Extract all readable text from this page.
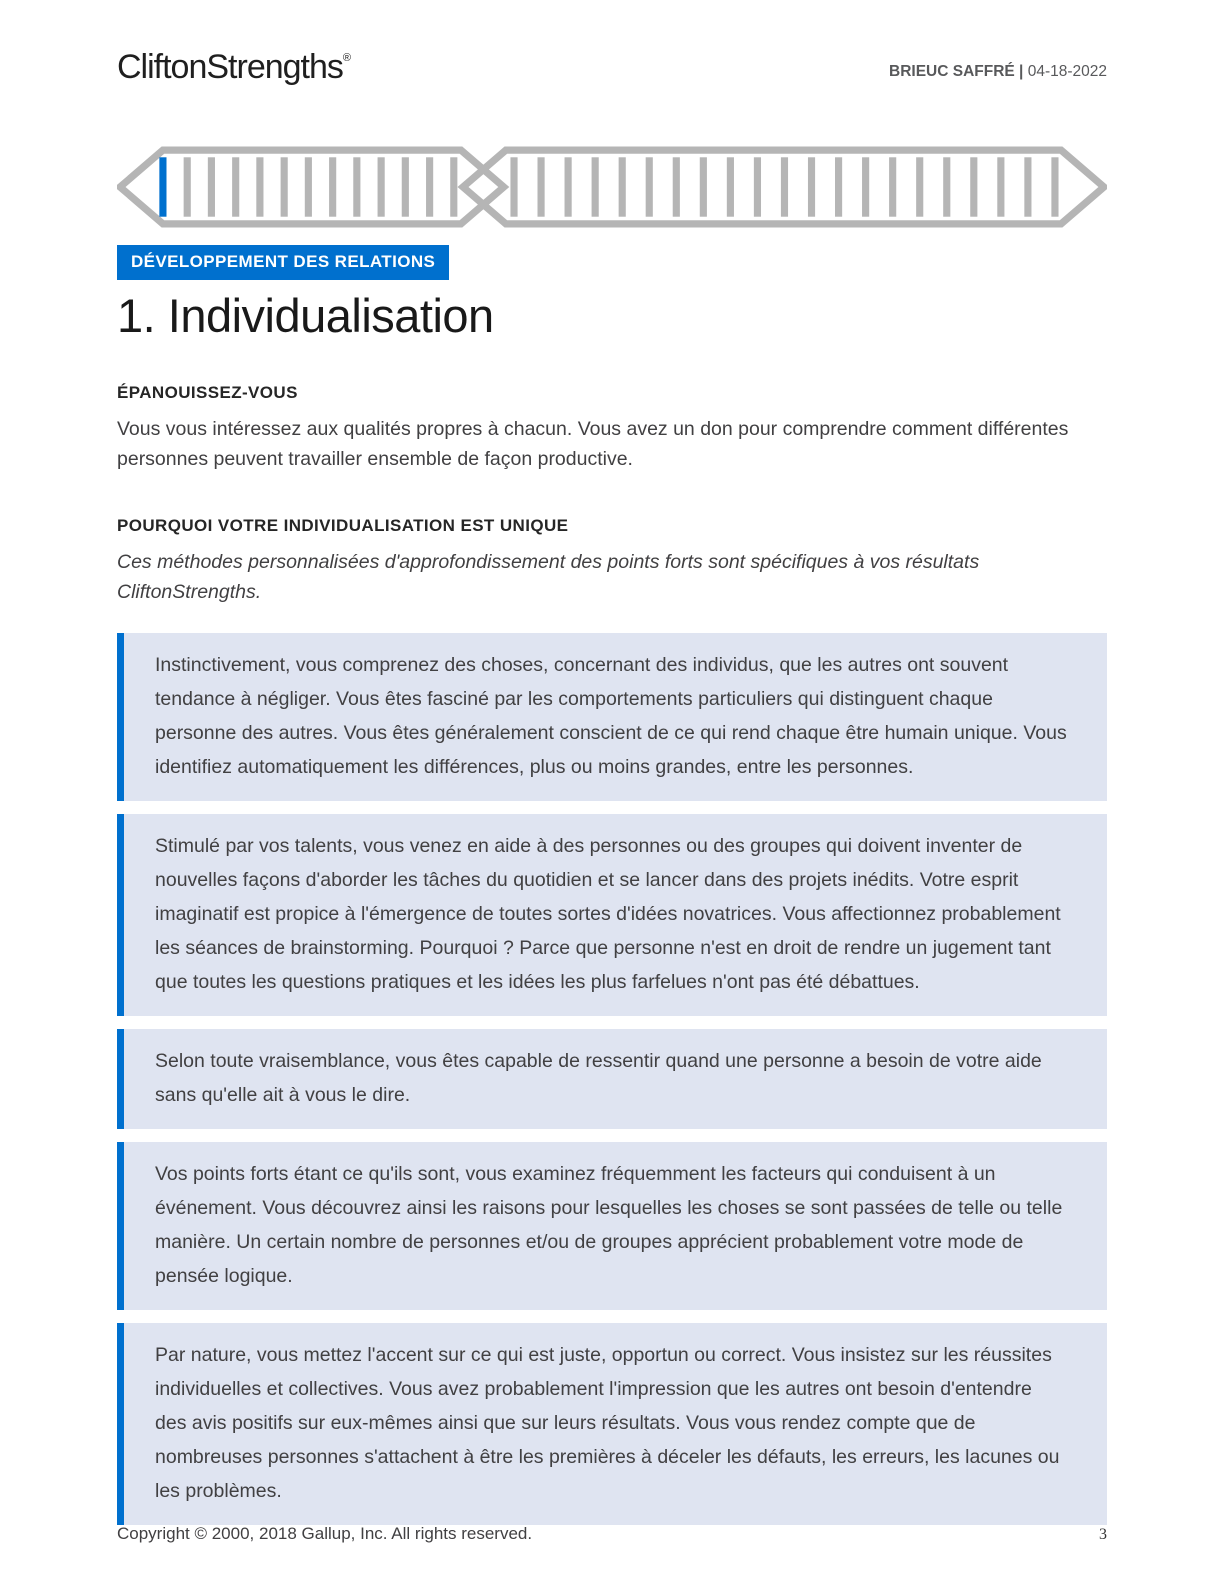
CliftonStrengths®
BRIEUC SAFFRÉ | 04-18-2022
DÉVELOPPEMENT DES RELATIONS
1. Individualisation
ÉPANOUISSEZ-VOUS

Vous vous intéressez aux qualités propres à chacun. Vous avez un don pour comprendre comment différentes personnes peuvent travailler ensemble de façon productive.

POURQUOI VOTRE INDIVIDUALISATION EST UNIQUE

Ces méthodes personnalisées d'approfondissement des points forts sont spécifiques à vos résultats CliftonStrengths.

Instinctivement, vous comprenez des choses, concernant des individus, que les autres ont souvent tendance à négliger. Vous êtes fasciné par les comportements particuliers qui distinguent chaque personne des autres. Vous êtes généralement conscient de ce qui rend chaque être humain unique. Vous identifiez automatiquement les différences, plus ou moins grandes, entre les personnes.
Stimulé par vos talents, vous venez en aide à des personnes ou des groupes qui doivent inventer de nouvelles façons d'aborder les tâches du quotidien et se lancer dans des projets inédits. Votre esprit imaginatif est propice à l'émergence de toutes sortes d'idées novatrices. Vous affectionnez probablement les séances de brainstorming. Pourquoi ? Parce que personne n'est en droit de rendre un jugement tant que toutes les questions pratiques et les idées les plus farfelues n'ont pas été débattues.
Selon toute vraisemblance, vous êtes capable de ressentir quand une personne a besoin de votre aide sans qu'elle ait à vous le dire.
Vos points forts étant ce qu'ils sont, vous examinez fréquemment les facteurs qui conduisent à un événement. Vous découvrez ainsi les raisons pour lesquelles les choses se sont passées de telle ou telle manière. Un certain nombre de personnes et/ou de groupes apprécient probablement votre mode de pensée logique.
Par nature, vous mettez l'accent sur ce qui est juste, opportun ou correct. Vous insistez sur les réussites individuelles et collectives. Vous avez probablement l'impression que les autres ont besoin d'entendre des avis positifs sur eux-mêmes ainsi que sur leurs résultats. Vous vous rendez compte que de nombreuses personnes s'attachent à être les premières à déceler les défauts, les erreurs, les lacunes ou les problèmes.
Copyright © 2000, 2018 Gallup, Inc. All rights reserved.	3
